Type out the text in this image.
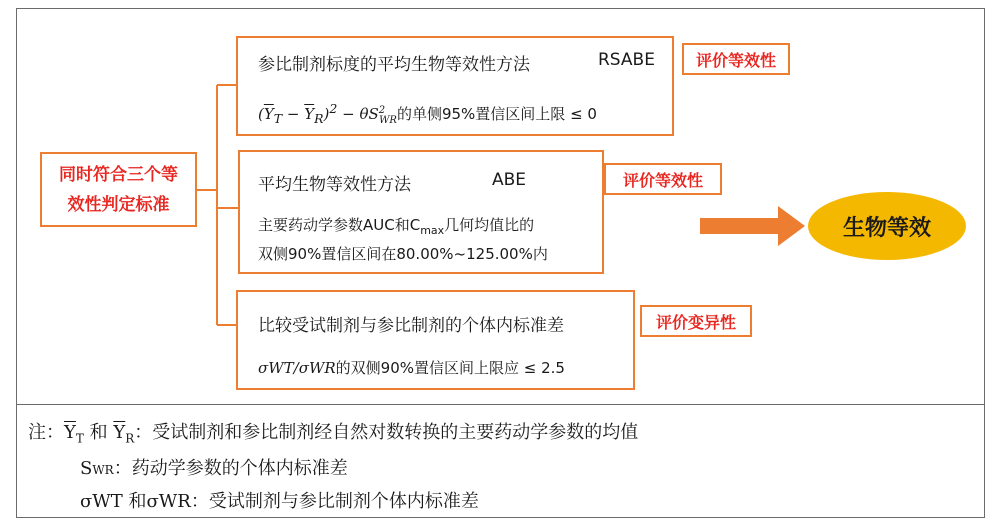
同时符合三个等
效性判定标准
参比制剂标度的平均生物等效性方法	RSABE
$(\overline{Y}_T - \overline{Y}_R)^2 - \theta S^2_{WR}$的单侧95%置信区间上限 ≤ 0
评价等效性
平均生物等效性方法	ABE
主要药动学参数AUC和$C_{max}$几何均值比的
双侧90%置信区间在80.00%~125.00%内
评价等效性
比较受试制剂与参比制剂的个体内标准差
σWT/σWR的双侧90%置信区间上限应 ≤ 2.5
评价变异性
生物等效
注：$\overline{Y}_T$ 和 $\overline{Y}_R$：受试制剂和参比制剂经自然对数转换的主要药动学参数的均值
SWR：药动学参数的个体内标准差
σWT 和σWR：受试制剂与参比制剂个体内标准差
